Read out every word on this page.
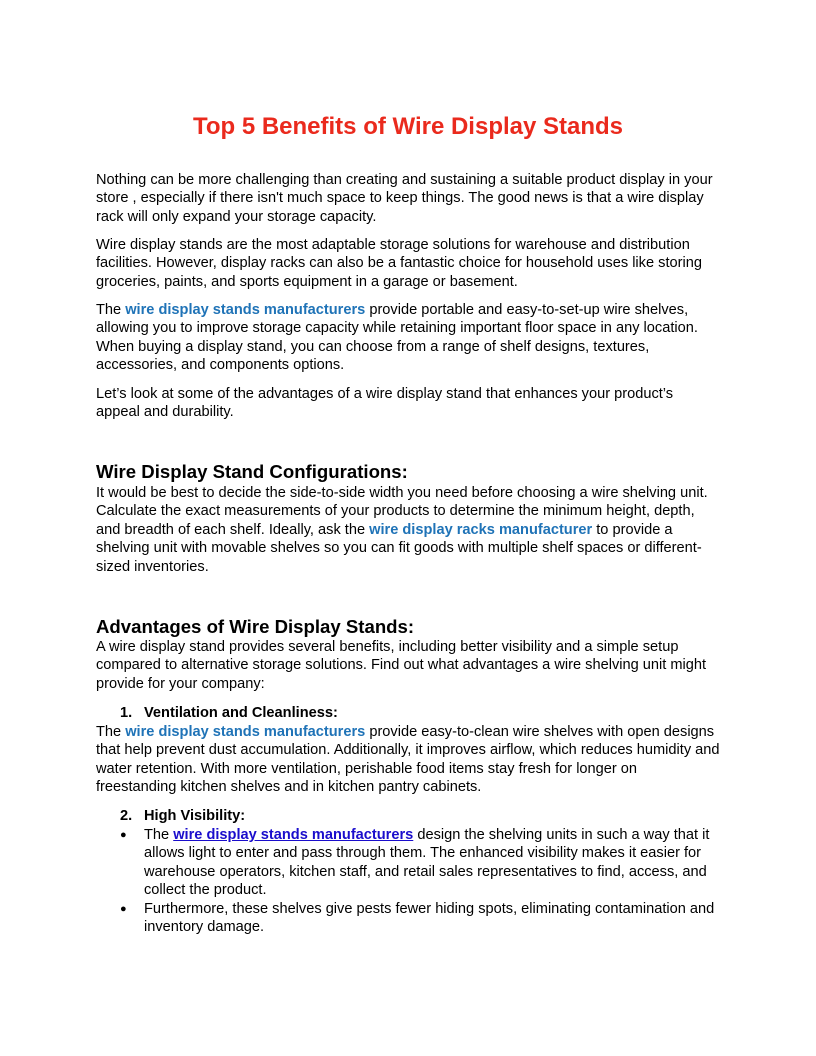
Top 5 Benefits of Wire Display Stands

Nothing can be more challenging than creating and sustaining a suitable product display in your store , especially if there isn't much space to keep things. The good news is that a wire display rack will only expand your storage capacity.

Wire display stands are the most adaptable storage solutions for warehouse and distribution facilities. However, display racks can also be a fantastic choice for household uses like storing groceries, paints, and sports equipment in a garage or basement.

The wire display stands manufacturers provide portable and easy-to-set-up wire shelves, allowing you to improve storage capacity while retaining important floor space in any location. When buying a display stand, you can choose from a range of shelf designs, textures, accessories, and components options.

Let’s look at some of the advantages of a wire display stand that enhances your product’s appeal and durability.

Wire Display Stand Configurations:

It would be best to decide the side-to-side width you need before choosing a wire shelving unit. Calculate the exact measurements of your products to determine the minimum height, depth, and breadth of each shelf. Ideally, ask the wire display racks manufacturer to provide a shelving unit with movable shelves so you can fit goods with multiple shelf spaces or different-sized inventories.

Advantages of Wire Display Stands:

A wire display stand provides several benefits, including better visibility and a simple setup compared to alternative storage solutions. Find out what advantages a wire shelving unit might provide for your company:

1. Ventilation and Cleanliness:

The wire display stands manufacturers provide easy-to-clean wire shelves with open designs that help prevent dust accumulation. Additionally, it improves airflow, which reduces humidity and water retention. With more ventilation, perishable food items stay fresh for longer on freestanding kitchen shelves and in kitchen pantry cabinets.

2. High Visibility:
● The wire display stands manufacturers design the shelving units in such a way that it allows light to enter and pass through them. The enhanced visibility makes it easier for warehouse operators, kitchen staff, and retail sales representatives to find, access, and collect the product.
● Furthermore, these shelves give pests fewer hiding spots, eliminating contamination and inventory damage.
